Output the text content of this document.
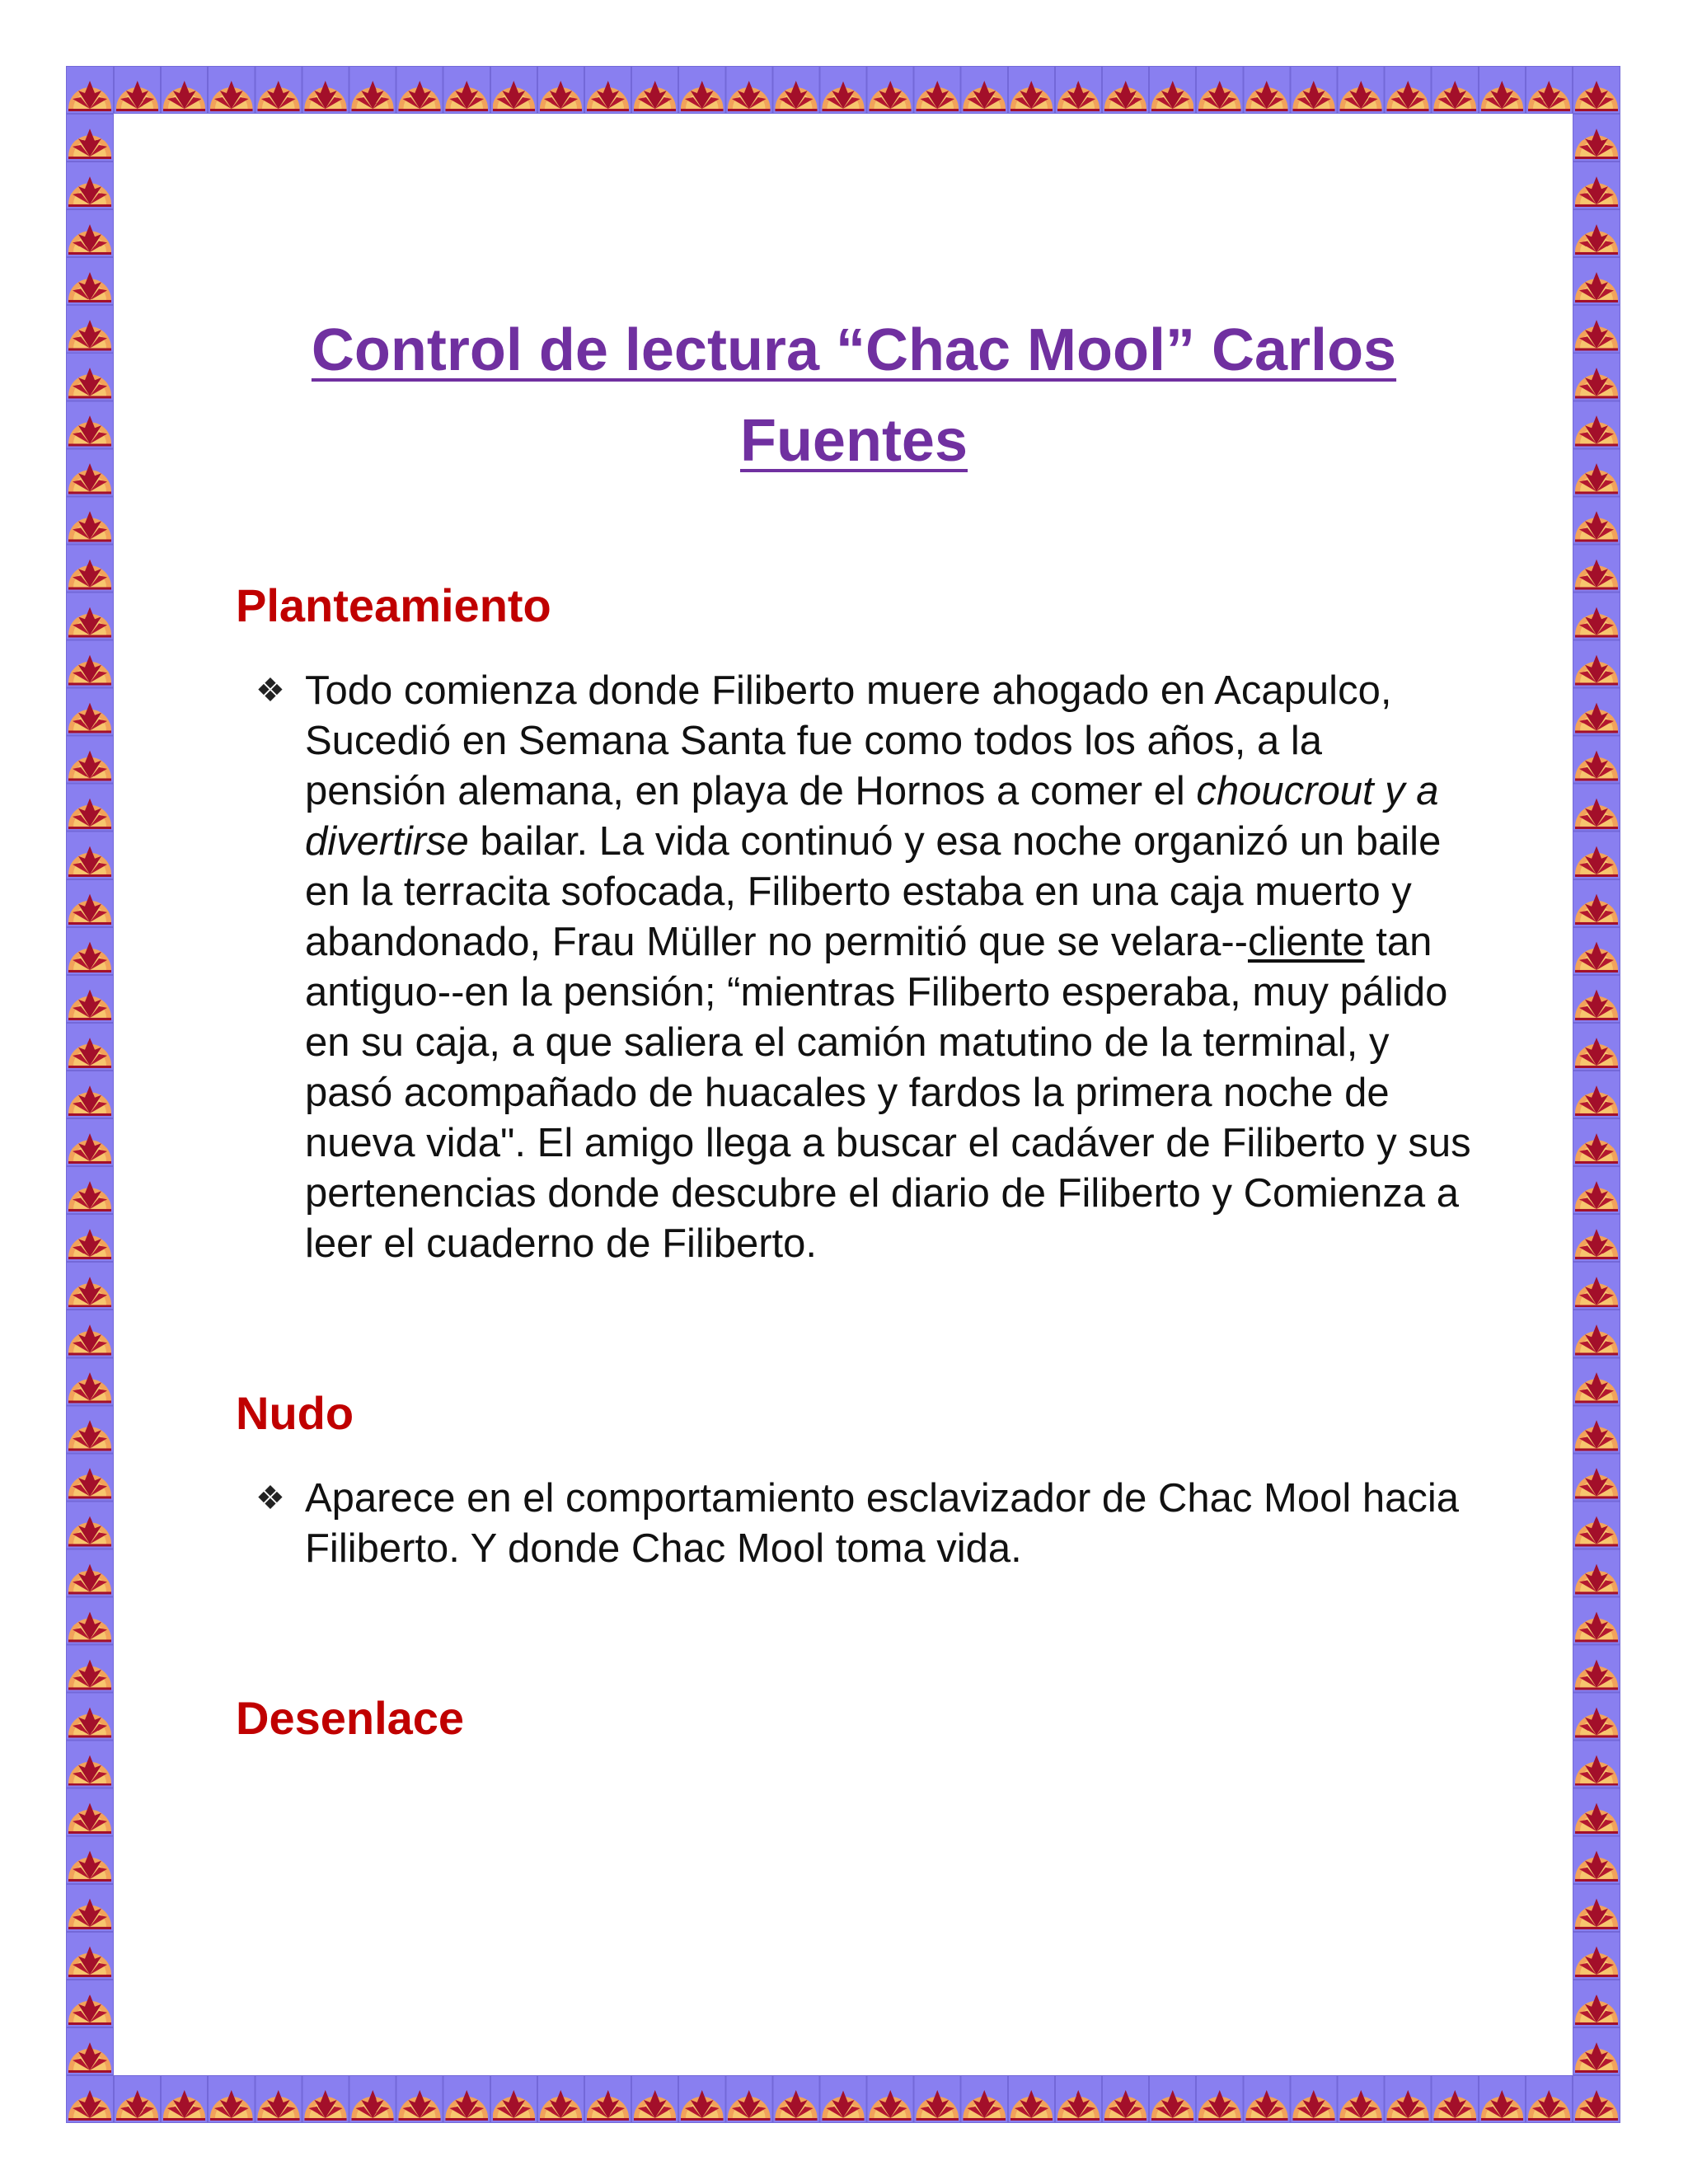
Control de lectura “Chac Mool” Carlos Fuentes
Planteamiento
❖ Todo comienza donde Filiberto muere ahogado en Acapulco, Sucedió en Semana Santa fue como todos los años, a la pensión alemana, en playa de Hornos a comer el choucrout y a divertirse bailar. La vida continuó y esa noche organizó un baile en la terracita sofocada, Filiberto estaba en una caja muerto y abandonado, Frau Müller no permitió que se velara--cliente tan antiguo--en la pensión; “mientras Filiberto esperaba, muy pálido en su caja, a que saliera el camión matutino de la terminal, y pasó acompañado de huacales y fardos la primera noche de nueva vida". El amigo llega a buscar el cadáver de Filiberto y sus pertenencias donde descubre el diario de Filiberto y Comienza a leer el cuaderno de Filiberto.
Nudo
❖ Aparece en el comportamiento esclavizador de Chac Mool hacia Filiberto. Y donde Chac Mool toma vida.
Desenlace
